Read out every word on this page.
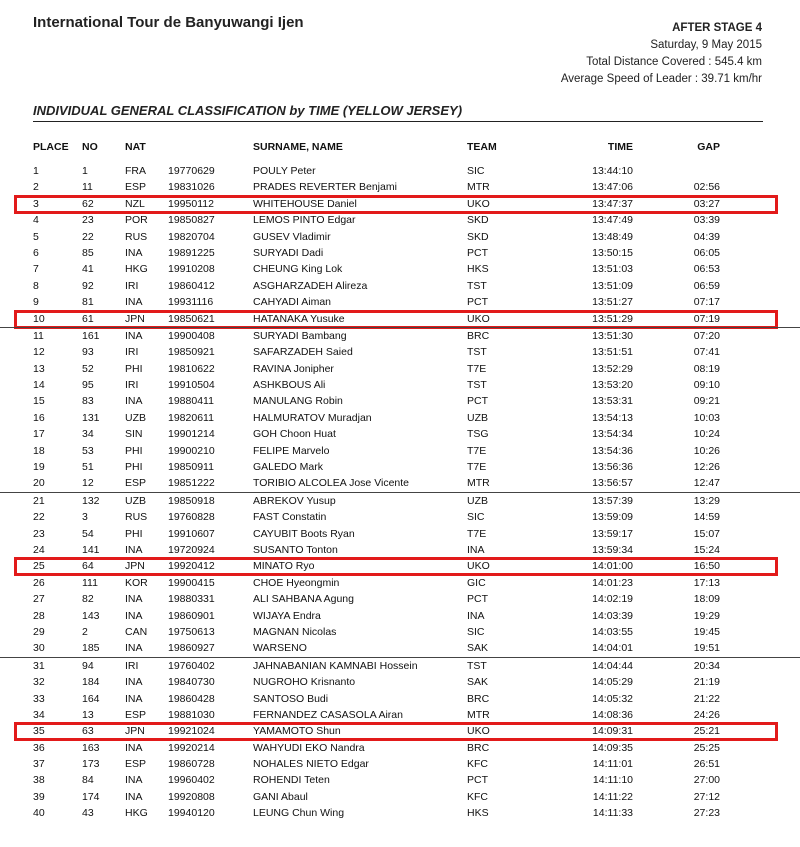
International Tour de Banyuwangi Ijen	AFTER STAGE 4
Saturday, 9 May 2015
Total Distance Covered : 545.4 km
Average Speed of Leader : 39.71 km/hr
INDIVIDUAL GENERAL CLASSIFICATION by TIME (YELLOW JERSEY)
PLACE NO	NAT	SURNAME, NAME	TEAM	TIME	GAP
1	1	FRA 19770629	POULY Peter	SIC	13:44:10
2	11	ESP 19831026	PRADES REVERTER Benjami	MTR	13:47:06	02:56
3	62	NZL 19950112	WHITEHOUSE Daniel	UKO	13:47:37	03:27
4	23	POR 19850827	LEMOS PINTO Edgar	SKD	13:47:49	03:39
5	22	RUS 19820704	GUSEV Vladimir	SKD	13:48:49	04:39
6	85	INA 19891225	SURYADI Dadi	PCT	13:50:15	06:05
7	41	HKG 19910208	CHEUNG King Lok	HKS	13:51:03	06:53
8	92	IRI	19860412	ASGHARZADEH Alireza	TST	13:51:09	06:59
9	81	INA 19931116	CAHYADI Aiman	PCT	13:51:27	07:17
10	61	JPN 19850621	HATANAKA Yusuke	UKO	13:51:29	07:19
11	161 INA 19900408	SURYADI Bambang	BRC	13:51:30	07:20
12	93	IRI	19850921	SAFARZADEH Saied	TST	13:51:51	07:41
13	52	PHI 19810622	RAVINA Jonipher	T7E	13:52:29	08:19
14	95	IRI	19910504	ASHKBOUS Ali	TST	13:53:20	09:10
15	83	INA 19880411	MANULANG Robin	PCT	13:53:31	09:21
16	131 UZB 19820611	HALMURATOV Muradjan	UZB	13:54:13	10:03
17	34	SIN 19901214	GOH Choon Huat	TSG	13:54:34	10:24
18	53	PHI 19900210	FELIPE Marvelo	T7E	13:54:36	10:26
19	51	PHI 19850911	GALEDO Mark	T7E	13:56:36	12:26
20	12	ESP 19851222	TORIBIO ALCOLEA Jose Vicente	MTR	13:56:57	12:47
21	132 UZB 19850918	ABREKOV Yusup	UZB	13:57:39	13:29
22	3	RUS 19760828	FAST Constatin	SIC	13:59:09	14:59
23	54	PHI 19910607	CAYUBIT Boots Ryan	T7E	13:59:17	15:07
24	141 INA 19720924	SUSANTO Tonton	INA	13:59:34	15:24
25	64	JPN 19920412	MINATO Ryo	UKO	14:01:00	16:50
26	111	KOR 19900415	CHOE Hyeongmin	GIC	14:01:23	17:13
27	82	INA 19880331	ALI SAHBANA Agung	PCT	14:02:19	18:09
28	143 INA 19860901	WIJAYA Endra	INA	14:03:39	19:29
29	2	CAN 19750613	MAGNAN Nicolas	SIC	14:03:55	19:45
30	185 INA 19860927	WARSENO	SAK	14:04:01	19:51
31	94	IRI	19760402	JAHNABANIAN KAMNABI Hossein	TST	14:04:44	20:34
32	184 INA 19840730	NUGROHO Krisnanto	SAK	14:05:29	21:19
33	164 INA 19860428	SANTOSO Budi	BRC	14:05:32	21:22
34	13	ESP 19881030	FERNANDEZ CASASOLA Airan	MTR	14:08:36	24:26
35	63	JPN 19921024	YAMAMOTO Shun	UKO	14:09:31	25:21
36	163 INA 19920214	WAHYUDI EKO Nandra	BRC	14:09:35	25:25
37	173 ESP 19860728	NOHALES NIETO Edgar	KFC	14:11:01	26:51
38	84	INA 19960402	ROHENDI Teten	PCT	14:11:10	27:00
39	174 INA 19920808	GANI Abaul	KFC	14:11:22	27:12
40	43	HKG 19940120	LEUNG Chun Wing	HKS	14:11:33	27:23
